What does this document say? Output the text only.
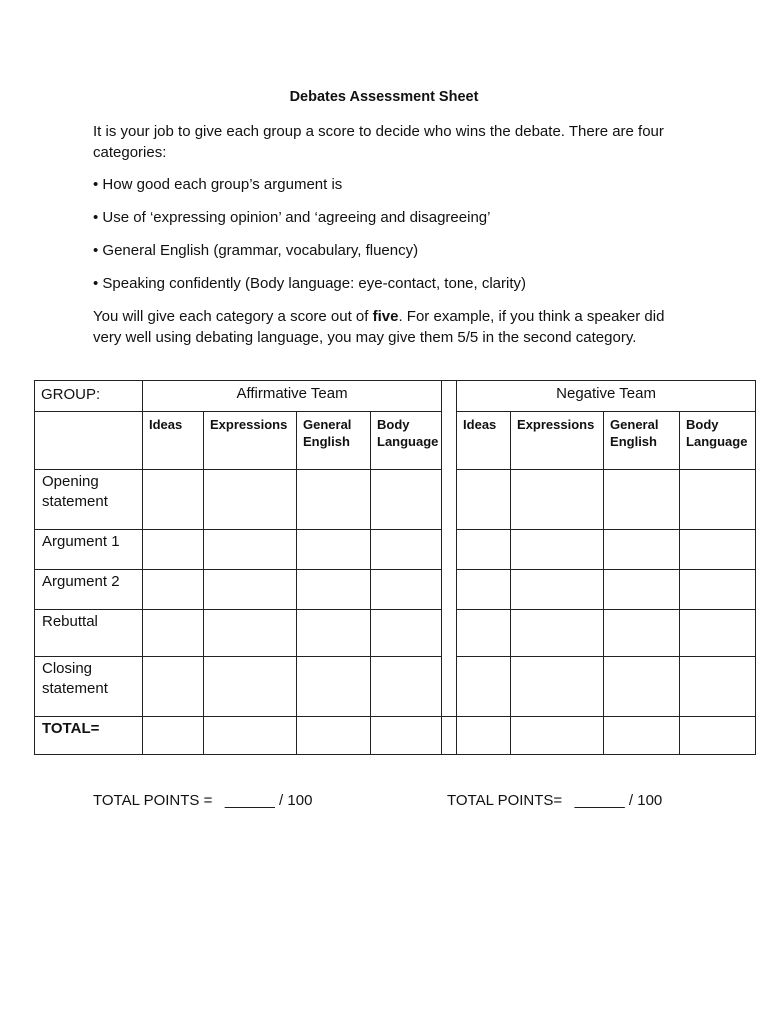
Debates Assessment Sheet
It is your job to give each group a score to decide who wins the debate. There are four categories:
• How good each group’s argument is
• Use of ‘expressing opinion’ and ‘agreeing and disagreeing’
• General English (grammar, vocabulary, fluency)
• Speaking confidently (Body language: eye-contact, tone, clarity)
You will give each category a score out of five. For example, if you think a speaker did very well using debating language, you may give them 5/5 in the second category.
GROUP:	Affirmative Team					Negative Team			

	Ideas	Expressions	General English	Body Language		Ideas	Expressions	General English	Body Language

Opening statement									

Argument 1									

Argument 2									

Rebuttal									

Closing statement									

TOTAL=									

TOTAL POINTS =   ______ / 100	TOTAL POINTS=   ______ / 100
